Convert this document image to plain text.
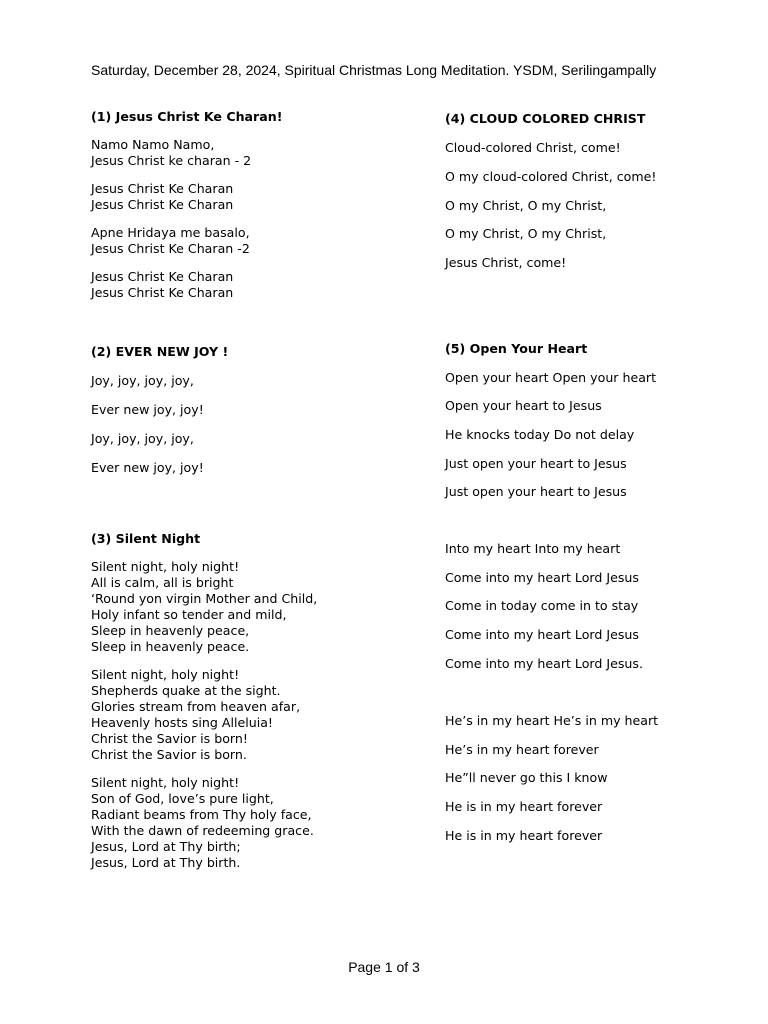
Saturday, December 28, 2024, Spiritual Christmas Long Meditation. YSDM, Serilingampally
(1) Jesus Christ Ke Charan!
Namo Namo Namo,
Jesus Christ ke charan - 2
Jesus Christ Ke Charan
Jesus Christ Ke Charan
Apne Hridaya me basalo,
Jesus Christ Ke Charan -2
Jesus Christ Ke Charan
Jesus Christ Ke Charan
(2) EVER NEW JOY !
Joy, joy, joy, joy,
Ever new joy, joy!
Joy, joy, joy, joy,
Ever new joy, joy!
(3) Silent Night
Silent night, holy night!
All is calm, all is bright
‘Round yon virgin Mother and Child,
Holy infant so tender and mild,
Sleep in heavenly peace,
Sleep in heavenly peace.
Silent night, holy night!
Shepherds quake at the sight.
Glories stream from heaven afar,
Heavenly hosts sing Alleluia!
Christ the Savior is born!
Christ the Savior is born.
Silent night, holy night!
Son of God, love’s pure light,
Radiant beams from Thy holy face,
With the dawn of redeeming grace.
Jesus, Lord at Thy birth;
Jesus, Lord at Thy birth.
(4) CLOUD COLORED CHRIST
Cloud-colored Christ, come!
O my cloud-colored Christ, come!
O my Christ, O my Christ,
O my Christ, O my Christ,
Jesus Christ, come!
(5) Open Your Heart
Open your heart Open your heart
Open your heart to Jesus
He knocks today Do not delay
Just open your heart to Jesus
Just open your heart to Jesus
Into my heart Into my heart
Come into my heart Lord Jesus
Come in today come in to stay
Come into my heart Lord Jesus
Come into my heart Lord Jesus.
He’s in my heart He’s in my heart
He’s in my heart forever
He”ll never go this I know
He is in my heart forever
He is in my heart forever
Page 1 of 3
